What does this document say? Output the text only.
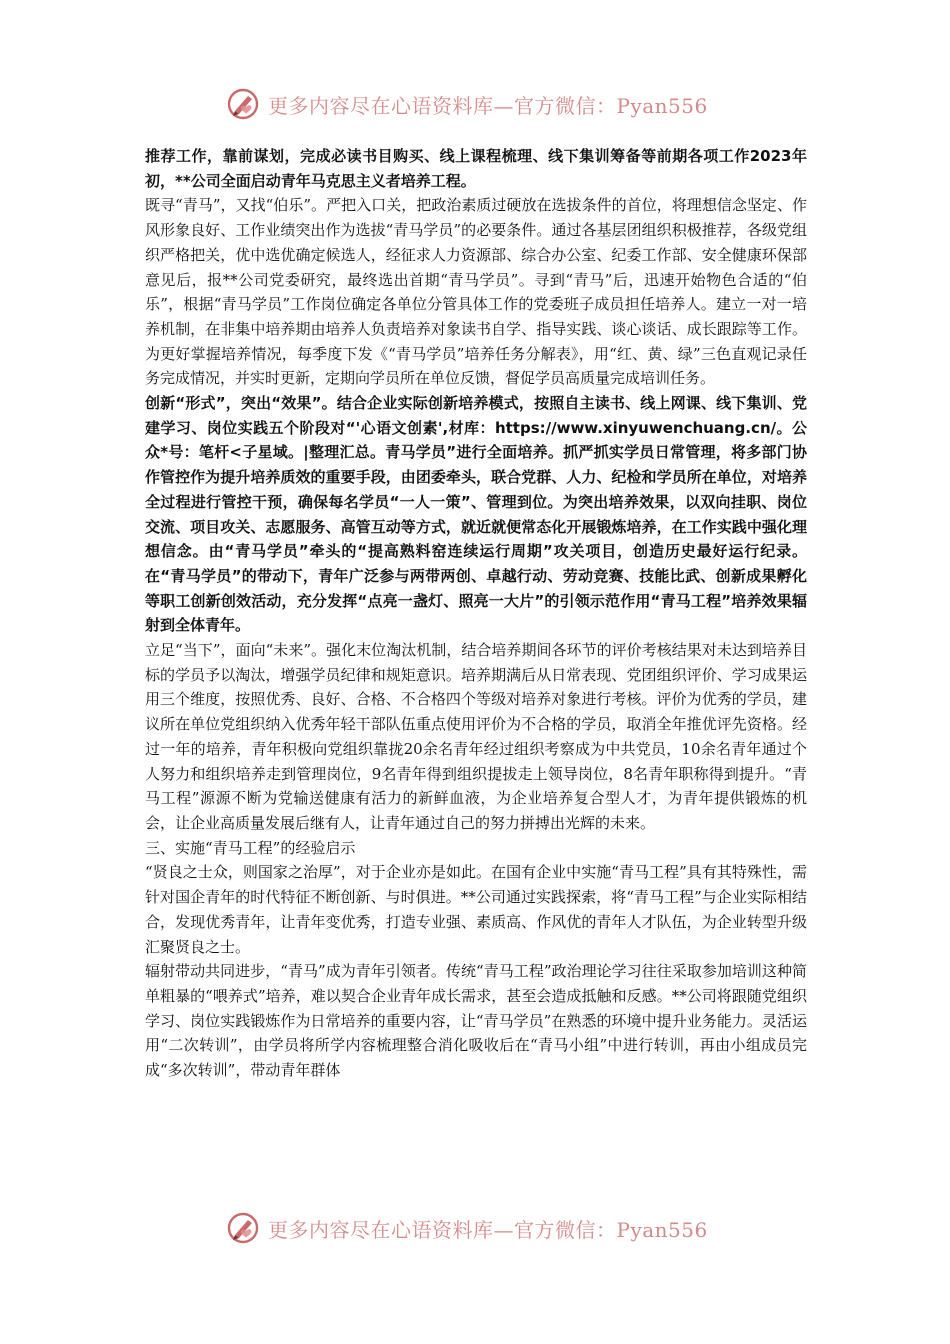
更多内容尽在心语资料库—官方微信：Pyan556

推荐工作，靠前谋划，完成必读书目购买、线上课程梳理、线下集训筹备等前期各项工作2023年初，**公司全面启动青年马克思主义者培养工程。

既寻“青马”，又找“伯乐”。严把入口关，把政治素质过硬放在选拔条件的首位，将理想信念坚定、作风形象良好、工作业绩突出作为选拔“青马学员”的必要条件。通过各基层团组织积极推荐，各级党组织严格把关，优中选优确定候选人，经征求人力资源部、综合办公室、纪委工作部、安全健康环保部意见后，报**公司党委研究，最终选出首期“青马学员”。寻到“青马”后，迅速开始物色合适的“伯乐”，根据“青马学员”工作岗位确定各单位分管具体工作的党委班子成员担任培养人。建立一对一培养机制，在非集中培养期由培养人负责培养对象读书自学、指导实践、谈心谈话、成长跟踪等工作。为更好掌握培养情况，每季度下发《“青马学员”培养任务分解表》，用“红、黄、绿”三色直观记录任务完成情况，并实时更新，定期向学员所在单位反馈，督促学员高质量完成培训任务。

创新“形式”，突出“效果”。结合企业实际创新培养模式，按照自主读书、线上网课、线下集训、党建学习、岗位实践五个阶段对“'心语文创素',材库：https://www.xinyuwenchuang.cn/。公众*号：笔杆<子星域。|整理汇总。青马学员”进行全面培养。抓严抓实学员日常管理，将多部门协作管控作为提升培养质效的重要手段，由团委牵头，联合党群、人力、纪检和学员所在单位，对培养全过程进行管控干预，确保每名学员“一人一策”、管理到位。为突出培养效果，以双向挂职、岗位交流、项目攻关、志愿服务、高管互动等方式，就近就便常态化开展锻炼培养，在工作实践中强化理想信念。由“青马学员”牵头的“提高熟料窑连续运行周期”攻关项目，创造历史最好运行纪录。在“青马学员”的带动下，青年广泛参与两带两创、卓越行动、劳动竞赛、技能比武、创新成果孵化等职工创新创效活动，充分发挥“点亮一盏灯、照亮一大片”的引领示范作用“青马工程”培养效果辐射到全体青年。

立足“当下”，面向“未来”。强化末位淘汰机制，结合培养期间各环节的评价考核结果对未达到培养目标的学员予以淘汰，增强学员纪律和规矩意识。培养期满后从日常表现、党团组织评价、学习成果运用三个维度，按照优秀、良好、合格、不合格四个等级对培养对象进行考核。评价为优秀的学员，建议所在单位党组织纳入优秀年轻干部队伍重点使用评价为不合格的学员，取消全年推优评先资格。经过一年的培养，青年积极向党组织靠拢20余名青年经过组织考察成为中共党员，10余名青年通过个人努力和组织培养走到管理岗位，9名青年得到组织提拔走上领导岗位，8名青年职称得到提升。“青马工程”源源不断为党输送健康有活力的新鲜血液，为企业培养复合型人才，为青年提供锻炼的机会，让企业高质量发展后继有人，让青年通过自己的努力拼搏出光辉的未来。

三、实施“青马工程”的经验启示

“贤良之士众，则国家之治厚”，对于企业亦是如此。在国有企业中实施“青马工程”具有其特殊性，需针对国企青年的时代特征不断创新、与时俱进。**公司通过实践探索，将“青马工程”与企业实际相结合，发现优秀青年，让青年变优秀，打造专业强、素质高、作风优的青年人才队伍，为企业转型升级汇聚贤良之士。

辐射带动共同进步，“青马”成为青年引领者。传统“青马工程”政治理论学习往往采取参加培训这种简单粗暴的“喂养式”培养，难以契合企业青年成长需求，甚至会造成抵触和反感。**公司将跟随党组织学习、岗位实践锻炼作为日常培养的重要内容，让“青马学员”在熟悉的环境中提升业务能力。灵活运用“二次转训”，由学员将所学内容梳理整合消化吸收后在“青马小组”中进行转训，再由小组成员完成“多次转训”，带动青年群体

更多内容尽在心语资料库—官方微信：Pyan556
